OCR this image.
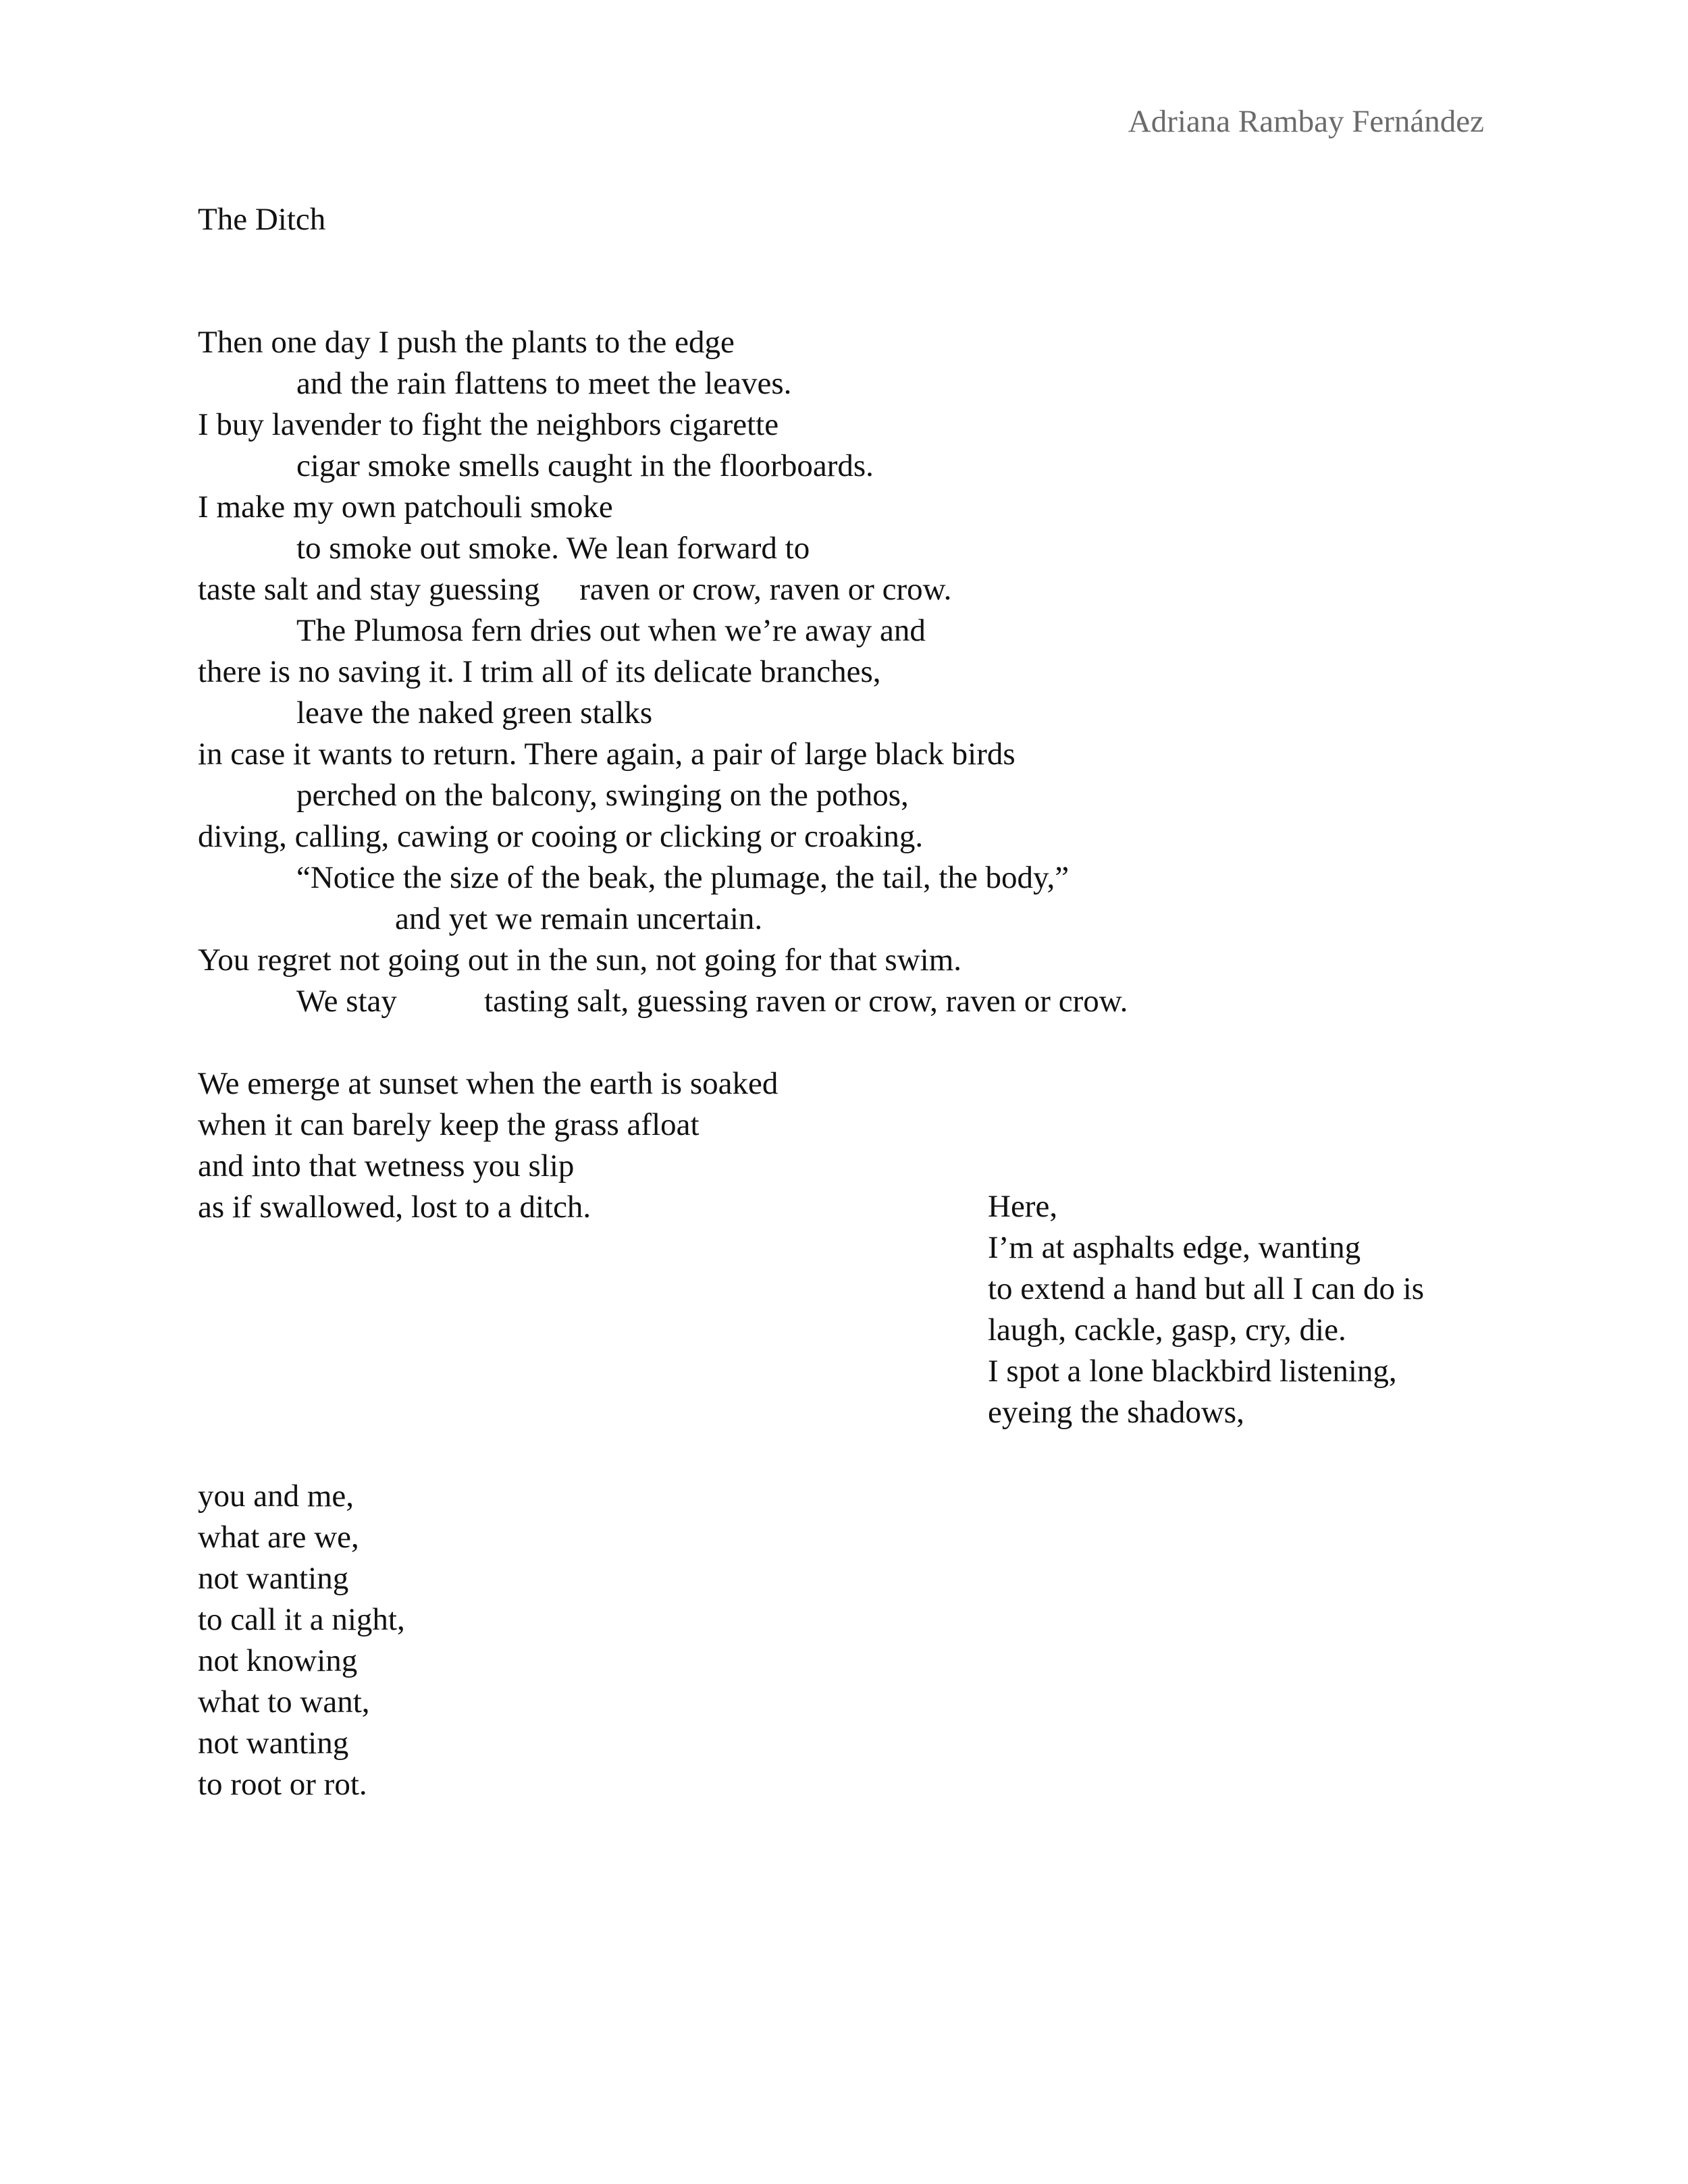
Adriana Rambay Fernández
The Ditch
Then one day I push the plants to the edge
and the rain flattens to meet the leaves.
I buy lavender to fight the neighbors cigarette
cigar smoke smells caught in the floorboards.
I make my own patchouli smoke
to smoke out smoke. We lean forward to
taste salt and stay guessing     raven or crow, raven or crow.
The Plumosa fern dries out when we’re away and
there is no saving it. I trim all of its delicate branches,
leave the naked green stalks
in case it wants to return. There again, a pair of large black birds
perched on the balcony, swinging on the pothos,
diving, calling, cawing or cooing or clicking or croaking.
“Notice the size of the beak, the plumage, the tail, the body,”
and yet we remain uncertain.
You regret not going out in the sun, not going for that swim.
We stay           tasting salt, guessing raven or crow, raven or crow.
We emerge at sunset when the earth is soaked
when it can barely keep the grass afloat
and into that wetness you slip
as if swallowed, lost to a ditch.	Here,
I’m at asphalts edge, wanting
to extend a hand but all I can do is
laugh, cackle, gasp, cry, die.
I spot a lone blackbird listening,
eyeing the shadows,
you and me,
what are we,
not wanting
to call it a night,
not knowing
what to want,
not wanting
to root or rot.
